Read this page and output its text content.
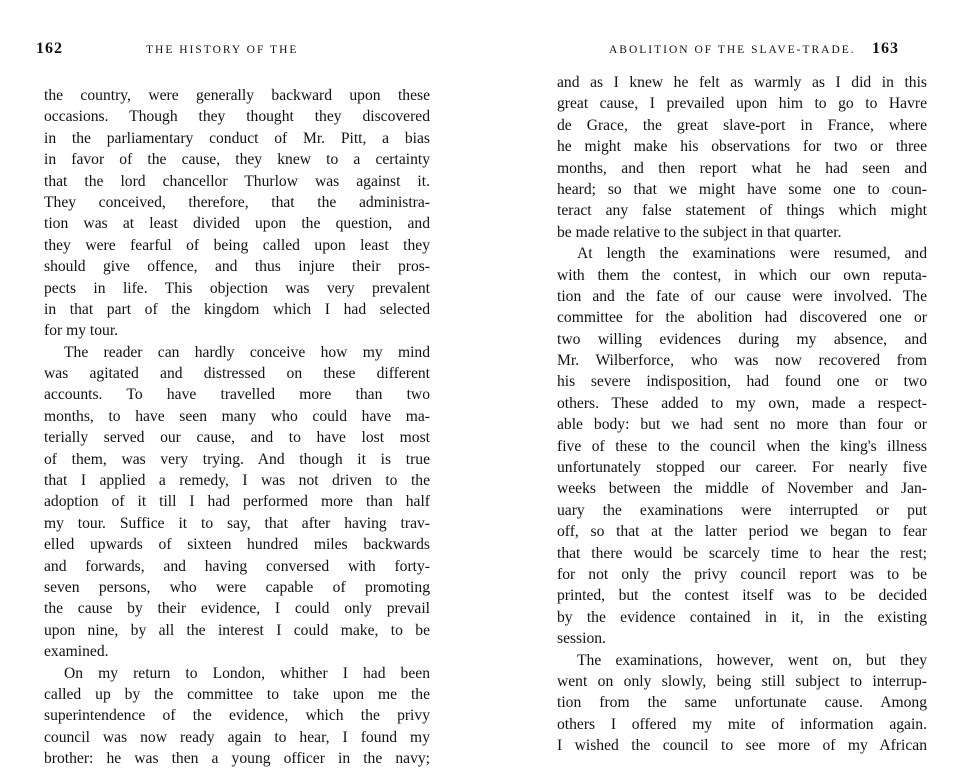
162	THE HISTORY OF THE
the country, were generally backward upon these
occasions. Though they thought they discovered
in the parliamentary conduct of Mr. Pitt, a bias
in favor of the cause, they knew to a certainty
that the lord chancellor Thurlow was against it.
They conceived, therefore, that the administra-
tion was at least divided upon the question, and
they were fearful of being called upon least they
should give offence, and thus injure their pros-
pects in life. This objection was very prevalent
in that part of the kingdom which I had selected
for my tour.
The reader can hardly conceive how my mind
was agitated and distressed on these different
accounts. To have travelled more than two
months, to have seen many who could have ma-
terially served our cause, and to have lost most
of them, was very trying. And though it is true
that I applied a remedy, I was not driven to the
adoption of it till I had performed more than half
my tour. Suffice it to say, that after having trav-
elled upwards of sixteen hundred miles backwards
and forwards, and having conversed with forty-
seven persons, who were capable of promoting
the cause by their evidence, I could only prevail
upon nine, by all the interest I could make, to be
examined.
On my return to London, whither I had been
called up by the committee to take upon me the
superintendence of the evidence, which the privy
council was now ready again to hear, I found my
brother: he was then a young officer in the navy;
ABOLITION OF THE SLAVE-TRADE. 163
and as I knew he felt as warmly as I did in this
great cause, I prevailed upon him to go to Havre
de Grace, the great slave-port in France, where
he might make his observations for two or three
months, and then report what he had seen and
heard; so that we might have some one to coun-
teract any false statement of things which might
be made relative to the subject in that quarter.
At length the examinations were resumed, and
with them the contest, in which our own reputa-
tion and the fate of our cause were involved. The
committee for the abolition had discovered one or
two willing evidences during my absence, and
Mr. Wilberforce, who was now recovered from
his severe indisposition, had found one or two
others. These added to my own, made a respect-
able body: but we had sent no more than four or
five of these to the council when the king's illness
unfortunately stopped our career. For nearly five
weeks between the middle of November and Jan-
uary the examinations were interrupted or put
off, so that at the latter period we began to fear
that there would be scarcely time to hear the rest;
for not only the privy council report was to be
printed, but the contest itself was to be decided
by the evidence contained in it, in the existing
session.
The examinations, however, went on, but they
went on only slowly, being still subject to interrup-
tion from the same unfortunate cause. Among
others I offered my mite of information again.
I wished the council to see more of my African
